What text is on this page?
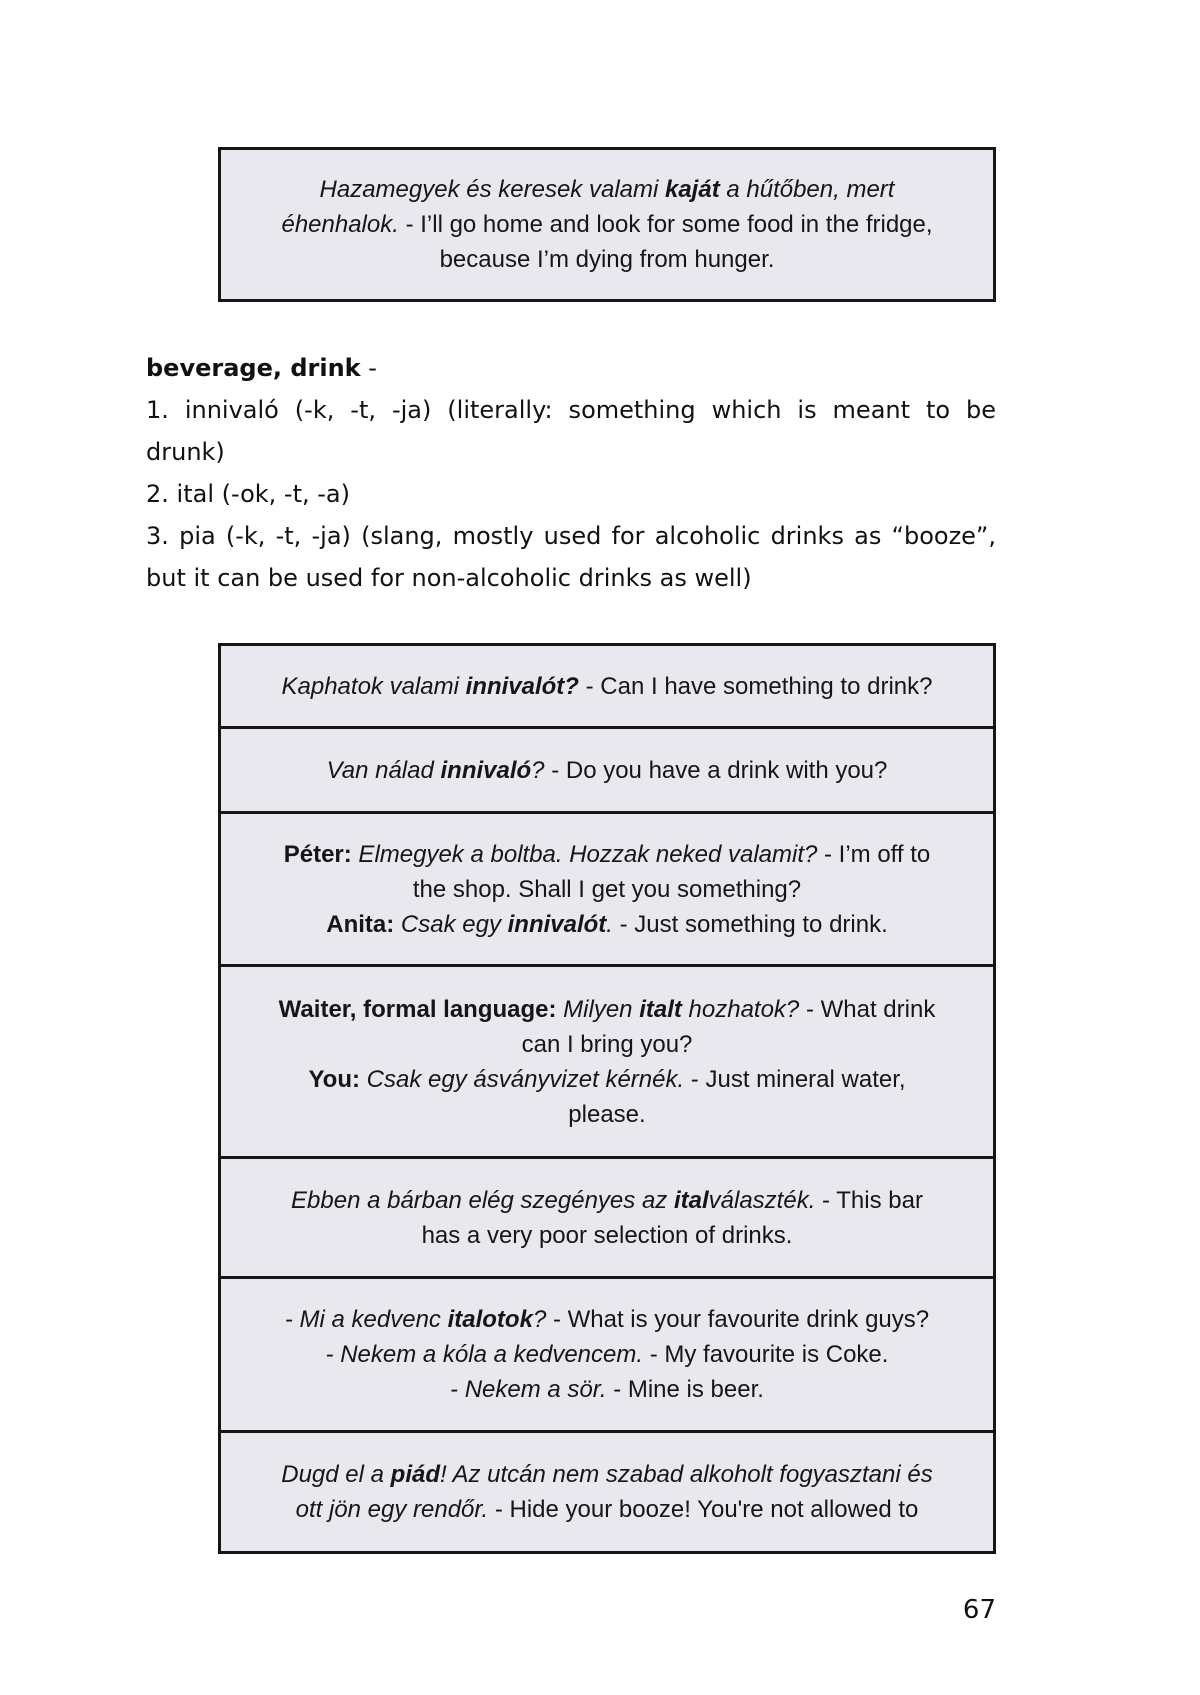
Hazamegyek és keresek valami kaját a hűtőben, mert
éhenhalok. - I’ll go home and look for some food in the fridge,
because I’m dying from hunger.
beverage, drink -
1. innivaló (-k, -t, -ja) (literally: something which is meant to be
drunk)
2. ital (-ok, -t, -a)
3. pia (-k, -t, -ja) (slang, mostly used for alcoholic drinks as “booze”,
but it can be used for non-alcoholic drinks as well)
Kaphatok valami innivalót? - Can I have something to drink?
Van nálad innivaló? - Do you have a drink with you?
Péter: Elmegyek a boltba. Hozzak neked valamit? - I’m off to
the shop. Shall I get you something?
Anita: Csak egy innivalót. - Just something to drink.
Waiter, formal language: Milyen italt hozhatok? - What drink
can I bring you?
You: Csak egy ásványvizet kérnék. - Just mineral water,
please.
Ebben a bárban elég szegényes az italválaszték. - This bar
has a very poor selection of drinks.
- Mi a kedvenc italotok? - What is your favourite drink guys?
- Nekem a kóla a kedvencem. - My favourite is Coke.
- Nekem a sör. - Mine is beer.
Dugd el a piád! Az utcán nem szabad alkoholt fogyasztani és
ott jön egy rendőr. - Hide your booze! You're not allowed to
67
